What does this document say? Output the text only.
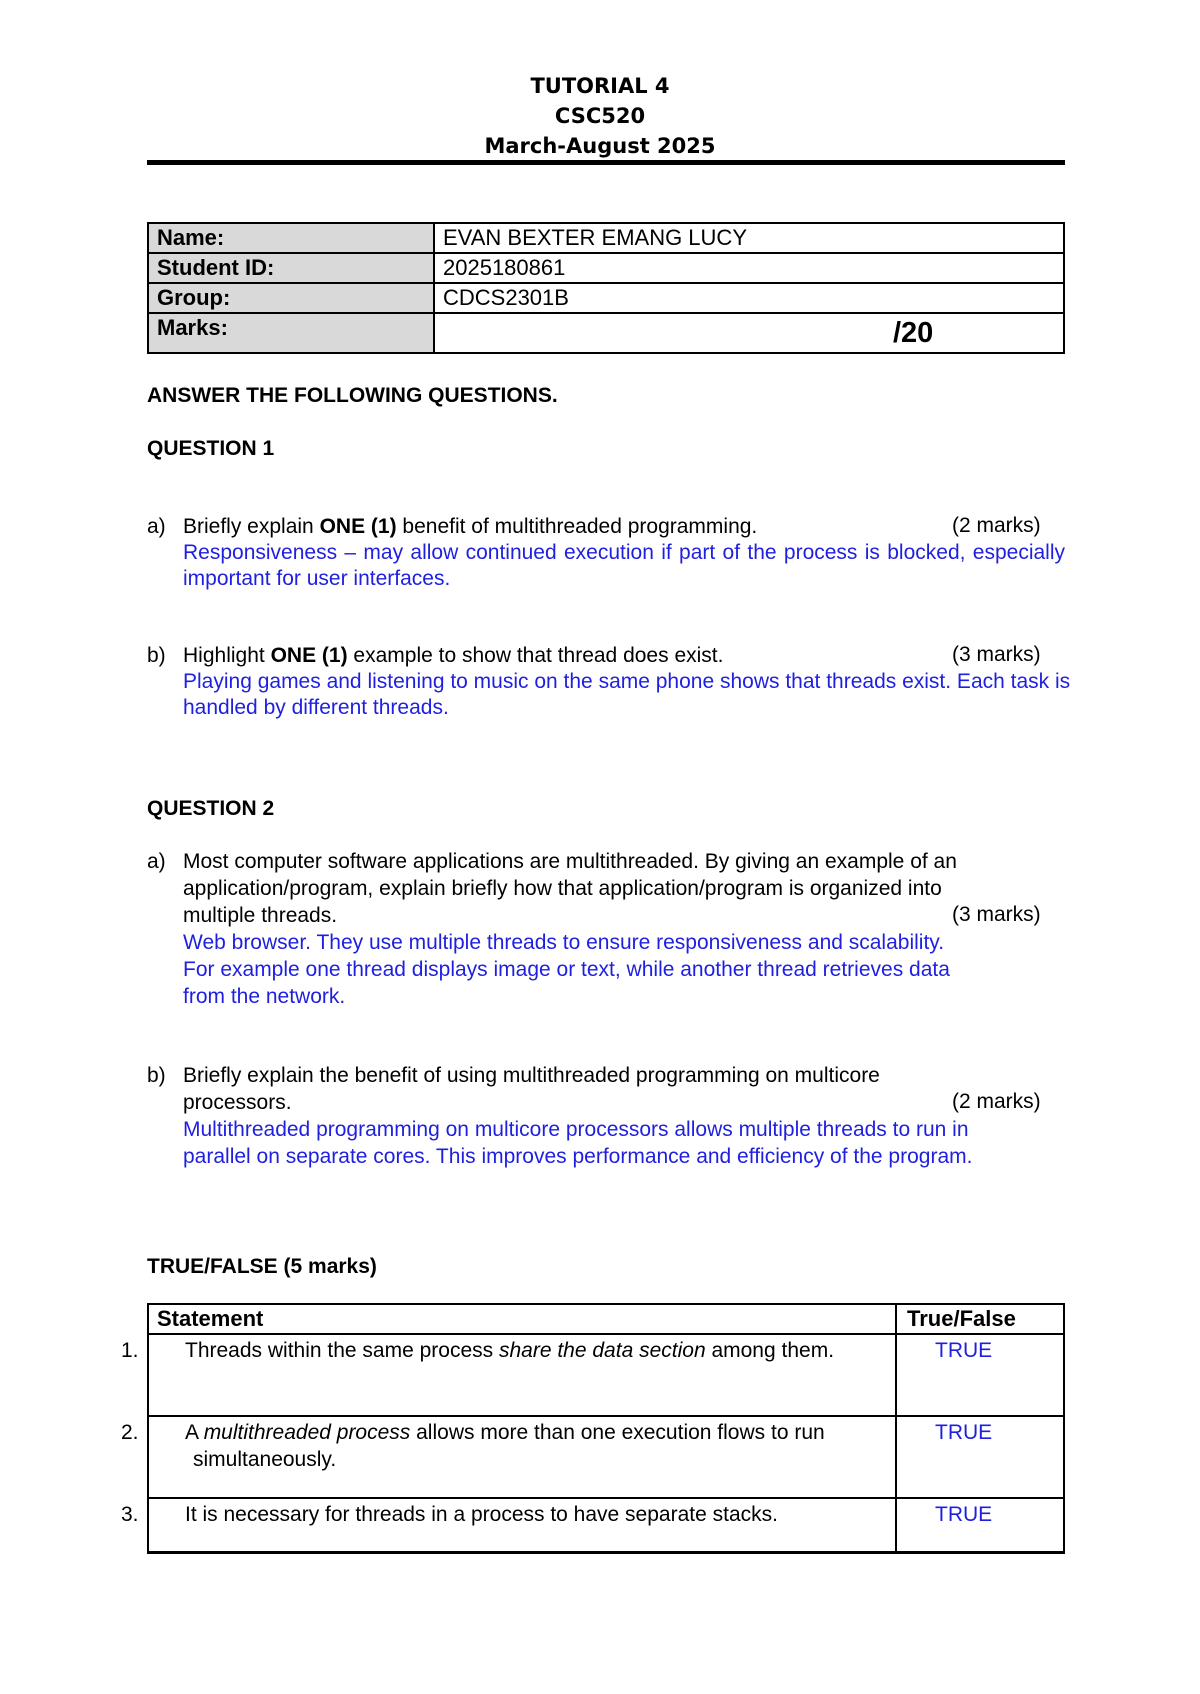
TUTORIAL 4
CSC520
March-August 2025
Name:	EVAN BEXTER EMANG LUCY
Student ID:	2025180861
Group:	CDCS2301B
Marks:	/20
ANSWER THE FOLLOWING QUESTIONS.
QUESTION 1
a) Briefly explain ONE (1) benefit of multithreaded programming.	(2 marks)
Responsiveness – may allow continued execution if part of the process is blocked, especially important for user interfaces.
b) Highlight ONE (1) example to show that thread does exist.	(3 marks)
Playing games and listening to music on the same phone shows that threads exist. Each task is handled by different threads.
QUESTION 2
a) Most computer software applications are multithreaded. By giving an example of an
application/program, explain briefly how that application/program is organized into
multiple threads.	(3 marks)
Web browser. They use multiple threads to ensure responsiveness and scalability.
For example one thread displays image or text, while another thread retrieves data
from the network.
b) Briefly explain the benefit of using multithreaded programming on multicore
processors.	(2 marks)
Multithreaded programming on multicore processors allows multiple threads to run in
parallel on separate cores. This improves performance and efficiency of the program.
TRUE/FALSE (5 marks)
Statement	True/False

1. Threads within the same process share the data section among them.	TRUE

2. A multithreaded process allows more than one execution flows to run simultaneously.	TRUE

3. It is necessary for threads in a process to have separate stacks.	TRUE
